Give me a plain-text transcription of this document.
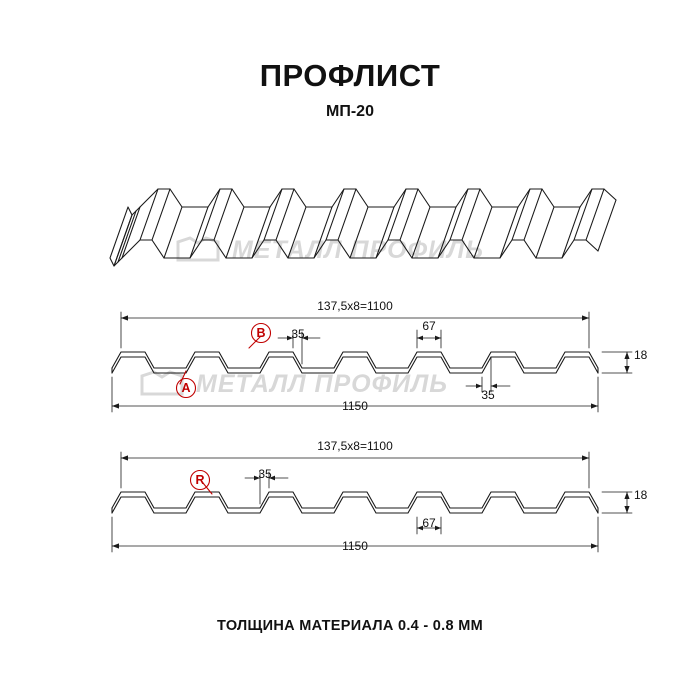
ПРОФЛИСТ
МП-20
МЕТАЛЛ ПРОФИЛЬ
МЕТАЛЛ ПРОФИЛЬ
137,5х8=1100
1150
18
35
67
35
A
B
137,5х8=1100
1150
18
35
67
R
ТОЛЩИНА МАТЕРИАЛА 0.4 - 0.8 ММ
